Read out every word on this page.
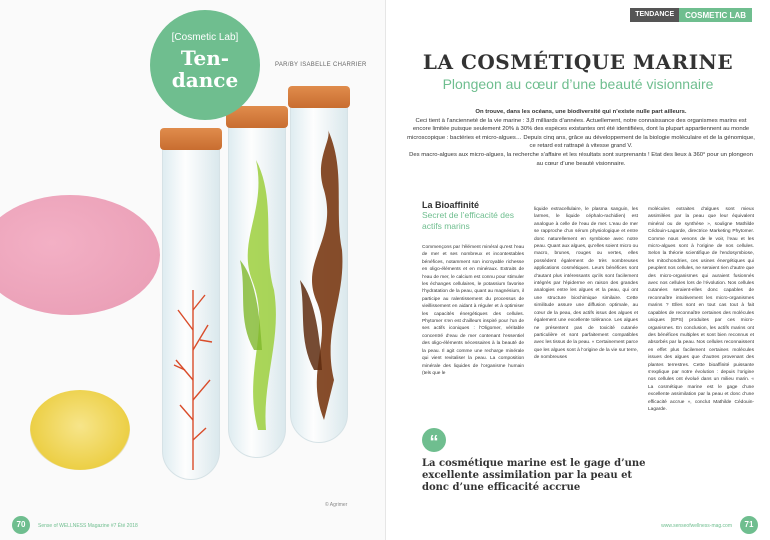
[Cosmetic Lab]
Ten-
dance
PAR/BY ISABELLE CHARRIER
© Agrimer
70	Sense of WELLNESS Magazine #7 Été 2018
TENDANCE	COSMETIC LAB
LA COSMÉTIQUE MARINE
Plongeon au cœur d’une beauté visionnaire
On trouve, dans les océans, une biodiversité qui n’existe nulle part ailleurs.
Ceci tient à l’ancienneté de la vie marine : 3,8 milliards d’années. Actuellement, notre connaissance des organismes marins est encore limitée puisque seulement 20% à 30% des espèces existantes ont été identifiées, dont la plupart appartiennent au monde microscopique : bactéries et micro-algues… Depuis cinq ans, grâce au développement de la biologie moléculaire et de la génomique, ce retard est rattrapé à vitesse grand V.
Des macro-algues aux micro-algues, la recherche s’affaire et les résultats sont surprenants ! Etat des lieux à 360° pour un plongeon au cœur d’une beauté visionnaire.
La Bioaffinité
Secret de l’efficacité des actifs marins
Commençons par l’élément minéral qu’est l’eau de mer et ses nombreux et incontestables bénéfices, notamment son incroyable richesse en oligo-éléments et en minéraux. Extraits de l’eau de mer, le calcium est connu pour stimuler les échanges cellulaires, le potassium favorise l’hydratation de la peau, quant au magnésium, il participe au ralentissement du processus de vieillissement en aidant à réguler et à optimiser les capacités énergétiques des cellules. Phytomer s’en est d’ailleurs inspiré pour l’un de ses actifs iconiques : l’Oligomer, véritable concentré d’eau de mer contenant l’essentiel des oligo-éléments nécessaires à la beauté de la peau. Il agit comme une recharge minérale qui vient revitaliser la peau. La composition minérale des liquides de l’organisme humain (tels que le
liquide extracellulaire, le plasma sanguin, les larmes, le liquide céphalo-rachidien) est analogue à celle de l’eau de mer. L’eau de mer se rapproche d’un sérum physiologique et entre donc naturellement en symbiose avec notre peau. Quant aux algues, qu’elles soient micro ou macro, brunes, rouges ou vertes, elles possèdent également de très nombreuses applications cosmétiques. Leurs bénéfices sont d’autant plus intéressants qu’ils sont facilement intégrés par l’épiderme en raison des grandes analogies entre les algues et la peau, qui ont une structure biochimique similaire. Cette similitude assure une diffusion optimale, au cœur de la peau, des actifs issus des algues et également une excellente tolérance. Les algues ne présentent pas de toxicité cutanée particulière et sont parfaitement compatibles avec les tissus de la peau. « Certainement parce que les algues sont à l’origine de la vie sur terre, de nombreuses
molécules extraites d’algues sont mieux assimilées par la peau que leur équivalent minéral ou de synthèse », souligne Mathilde Cédouin-Lagarde, directrice Marketing Phytomer. Comme nous venons de le voir, l’eau et les micro-algues sont à l’origine de nos cellules. Selon la théorie scientifique de l’endosymbiose, les mitochondries, ces usines énergétiques qui peuplent nos cellules, ne seraient rien d’autre que des micro-organismes qui auraient fusionnés avec nos cellules lors de l’évolution. Nos cellules cutanées seraient-elles donc capables de reconnaître intuitivement les micro-organismes marins ? Elles sont en tout cas tout à fait capables de reconnaître certaines des molécules uniques (EPS) produites par ces micro-organismes. En conclusion, les actifs marins ont des bénéfices multiples et sont bien reconnus et absorbés par la peau. Nos cellules reconnaissent en effet plus facilement certaines molécules issues des algues que d’autres provenant des plantes terrestres. Cette bioaffinité puissante s’explique par notre évolution : depuis l’origine nos cellules ont évolué dans un milieu marin. « La cosmétique marine est le gage d’une excellente assimilation par la peau et donc d’une efficacité accrue », conclut Mathilde Cédouin-Lagarde.
“
La cosmétique marine est le gage d’une excellente assimilation par la peau et donc d’une efficacité accrue
www.senseofwellness-mag.com	71
